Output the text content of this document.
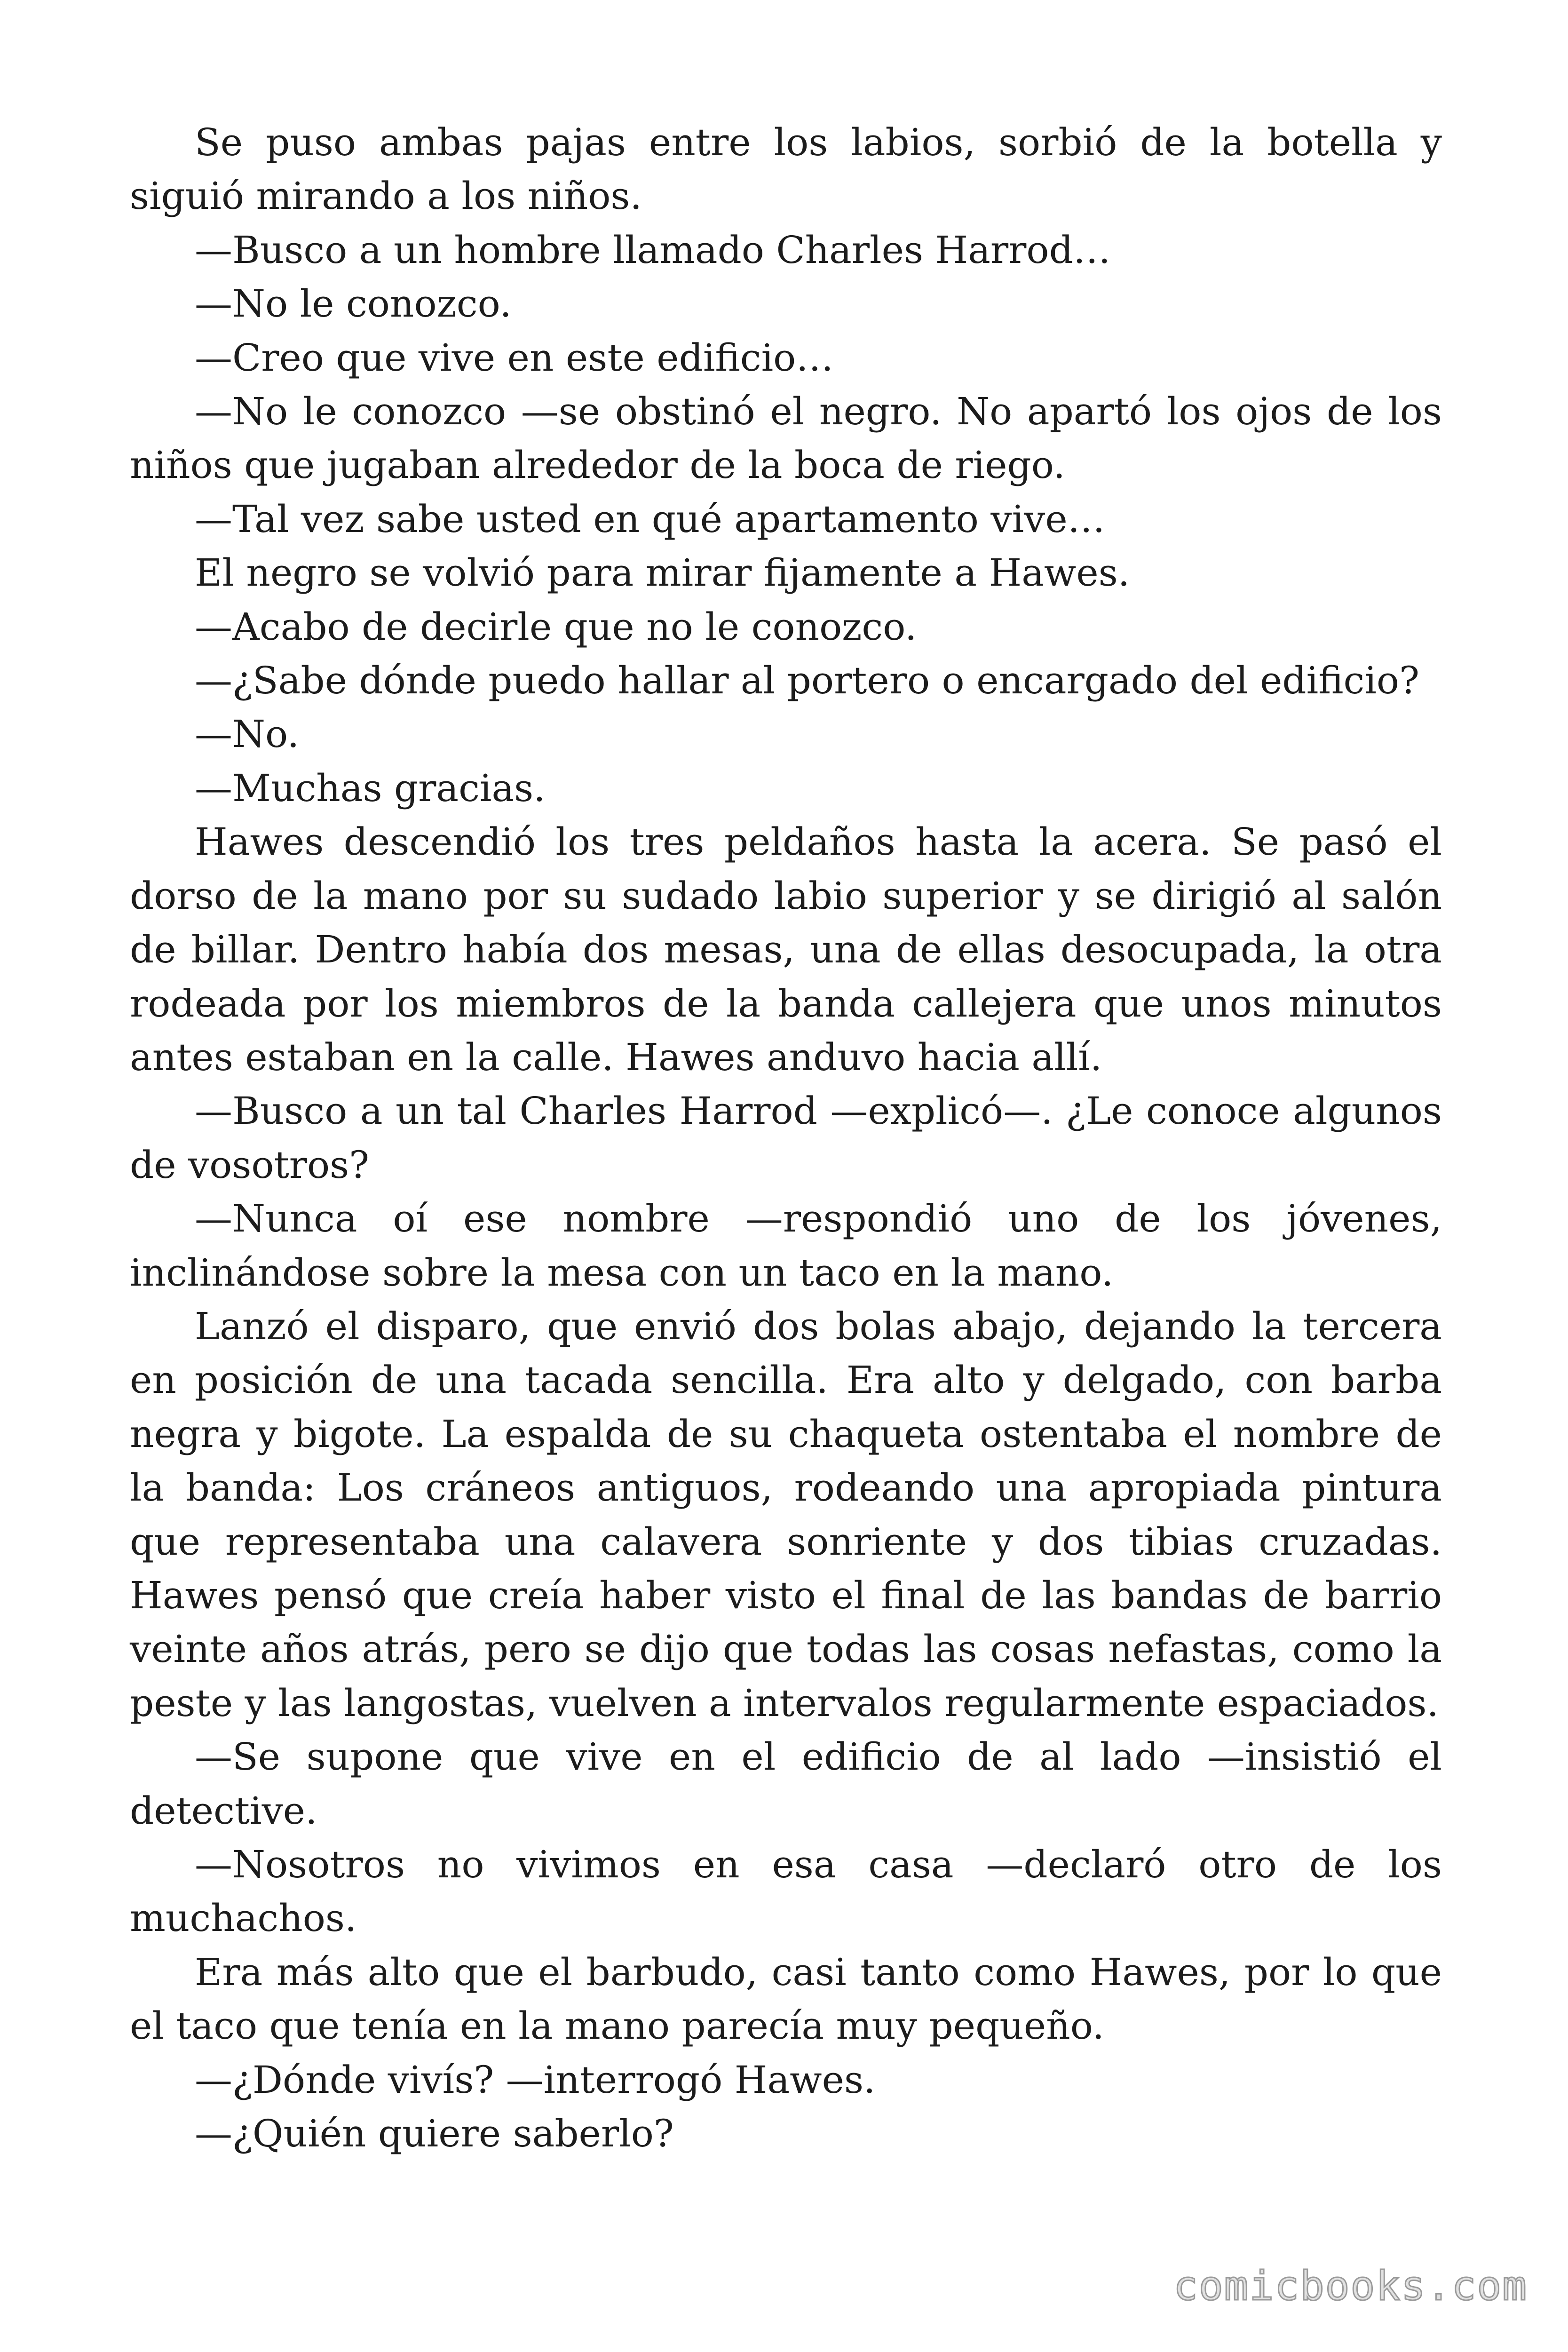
Se puso ambas pajas entre los labios, sorbió de la botella y siguió mirando a los niños.

—Busco a un hombre llamado Charles Harrod…

—No le conozco.

—Creo que vive en este edificio…

—No le conozco —se obstinó el negro. No apartó los ojos de los niños que jugaban alrededor de la boca de riego.

—Tal vez sabe usted en qué apartamento vive…

El negro se volvió para mirar fijamente a Hawes.

—Acabo de decirle que no le conozco.

—¿Sabe dónde puedo hallar al portero o encargado del edificio?

—No.

—Muchas gracias.

Hawes descendió los tres peldaños hasta la acera. Se pasó el dorso de la mano por su sudado labio superior y se dirigió al salón de billar. Dentro había dos mesas, una de ellas desocupada, la otra rodeada por los miembros de la banda callejera que unos minutos antes estaban en la calle. Hawes anduvo hacia allí.

—Busco a un tal Charles Harrod —explicó—. ¿Le conoce algunos de vosotros?

—Nunca oí ese nombre —respondió uno de los jóvenes, inclinándose sobre la mesa con un taco en la mano.

Lanzó el disparo, que envió dos bolas abajo, dejando la tercera en posición de una tacada sencilla. Era alto y delgado, con barba negra y bigote. La espalda de su chaqueta ostentaba el nombre de la banda: Los cráneos antiguos, rodeando una apropiada pintura que representaba una calavera sonriente y dos tibias cruzadas. Hawes pensó que creía haber visto el final de las bandas de barrio veinte años atrás, pero se dijo que todas las cosas nefastas, como la peste y las langostas, vuelven a intervalos regularmente espaciados.

—Se supone que vive en el edificio de al lado —insistió el detective.

—Nosotros no vivimos en esa casa —declaró otro de los muchachos.

Era más alto que el barbudo, casi tanto como Hawes, por lo que el taco que tenía en la mano parecía muy pequeño.

—¿Dónde vivís? —interrogó Hawes.

—¿Quién quiere saberlo?

comicbooks.com
